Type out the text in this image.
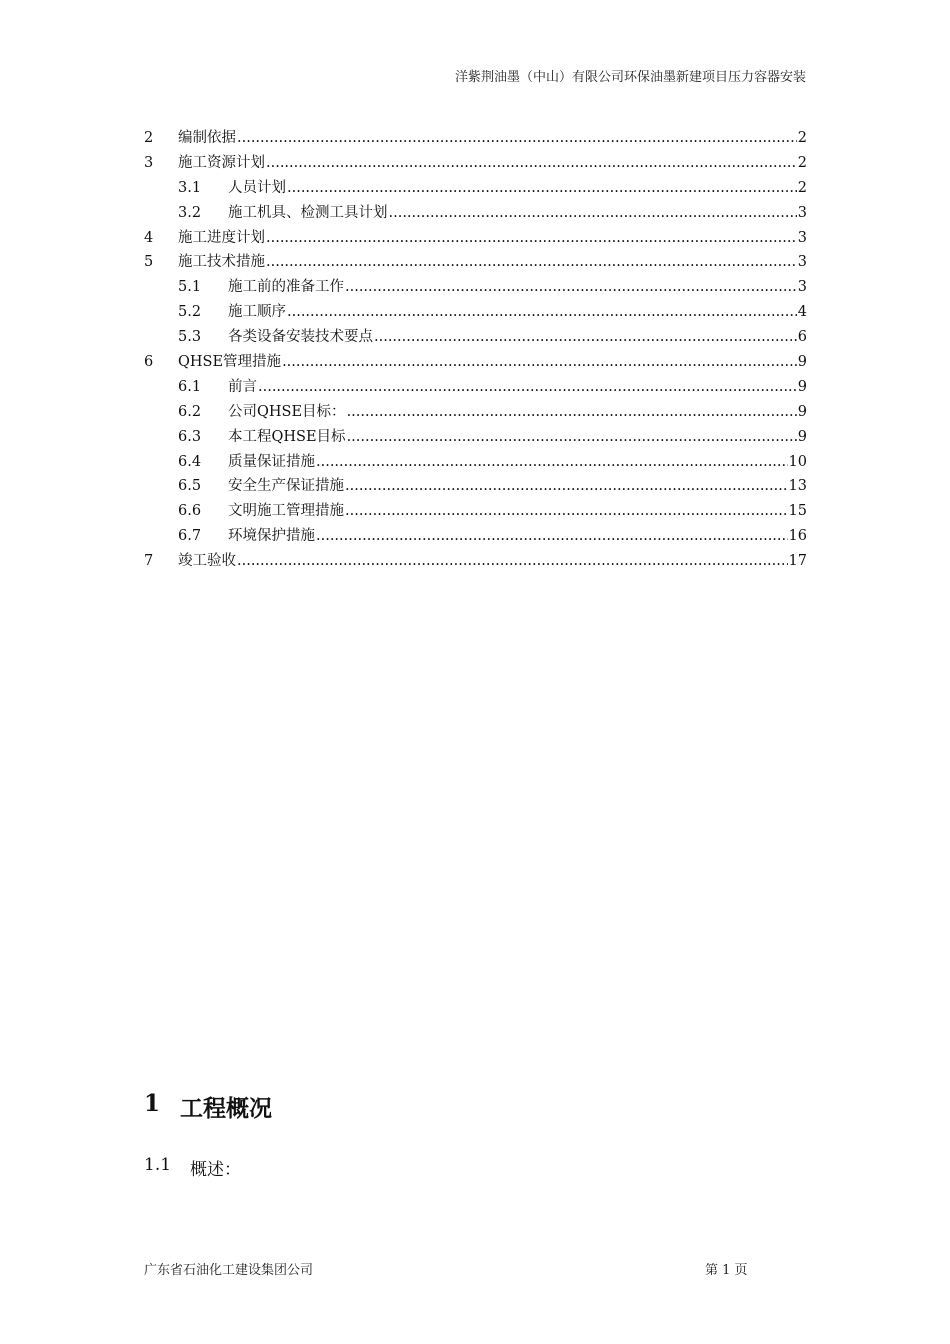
洋紫荆油墨（中山）有限公司环保油墨新建项目压力容器安装
2	编制依据 .....	2
3	施工资源计划 .....	2
3.1	人员计划 .....	2
3.2	施工机具、检测工具计划 .....	3
4	施工进度计划 .....	3
5	施工技术措施 .....	3
5.1	施工前的准备工作 .....	3
5.2	施工顺序 .....	4
5.3	各类设备安装技术要点 .....	6
6	QHSE管理措施 .....	9
6.1	前言 .....	9
6.2	公司QHSE目标： .....	9
6.3	本工程QHSE目标 .....	9
6.4	质量保证措施 .....	10
6.5	安全生产保证措施 .....	13
6.6	文明施工管理措施 .....	15
6.7	环境保护措施 .....	16
7	竣工验收 .....	17
1 工程概况
1.1	概述：
广东省石油化工建设集团公司	第 1 页
